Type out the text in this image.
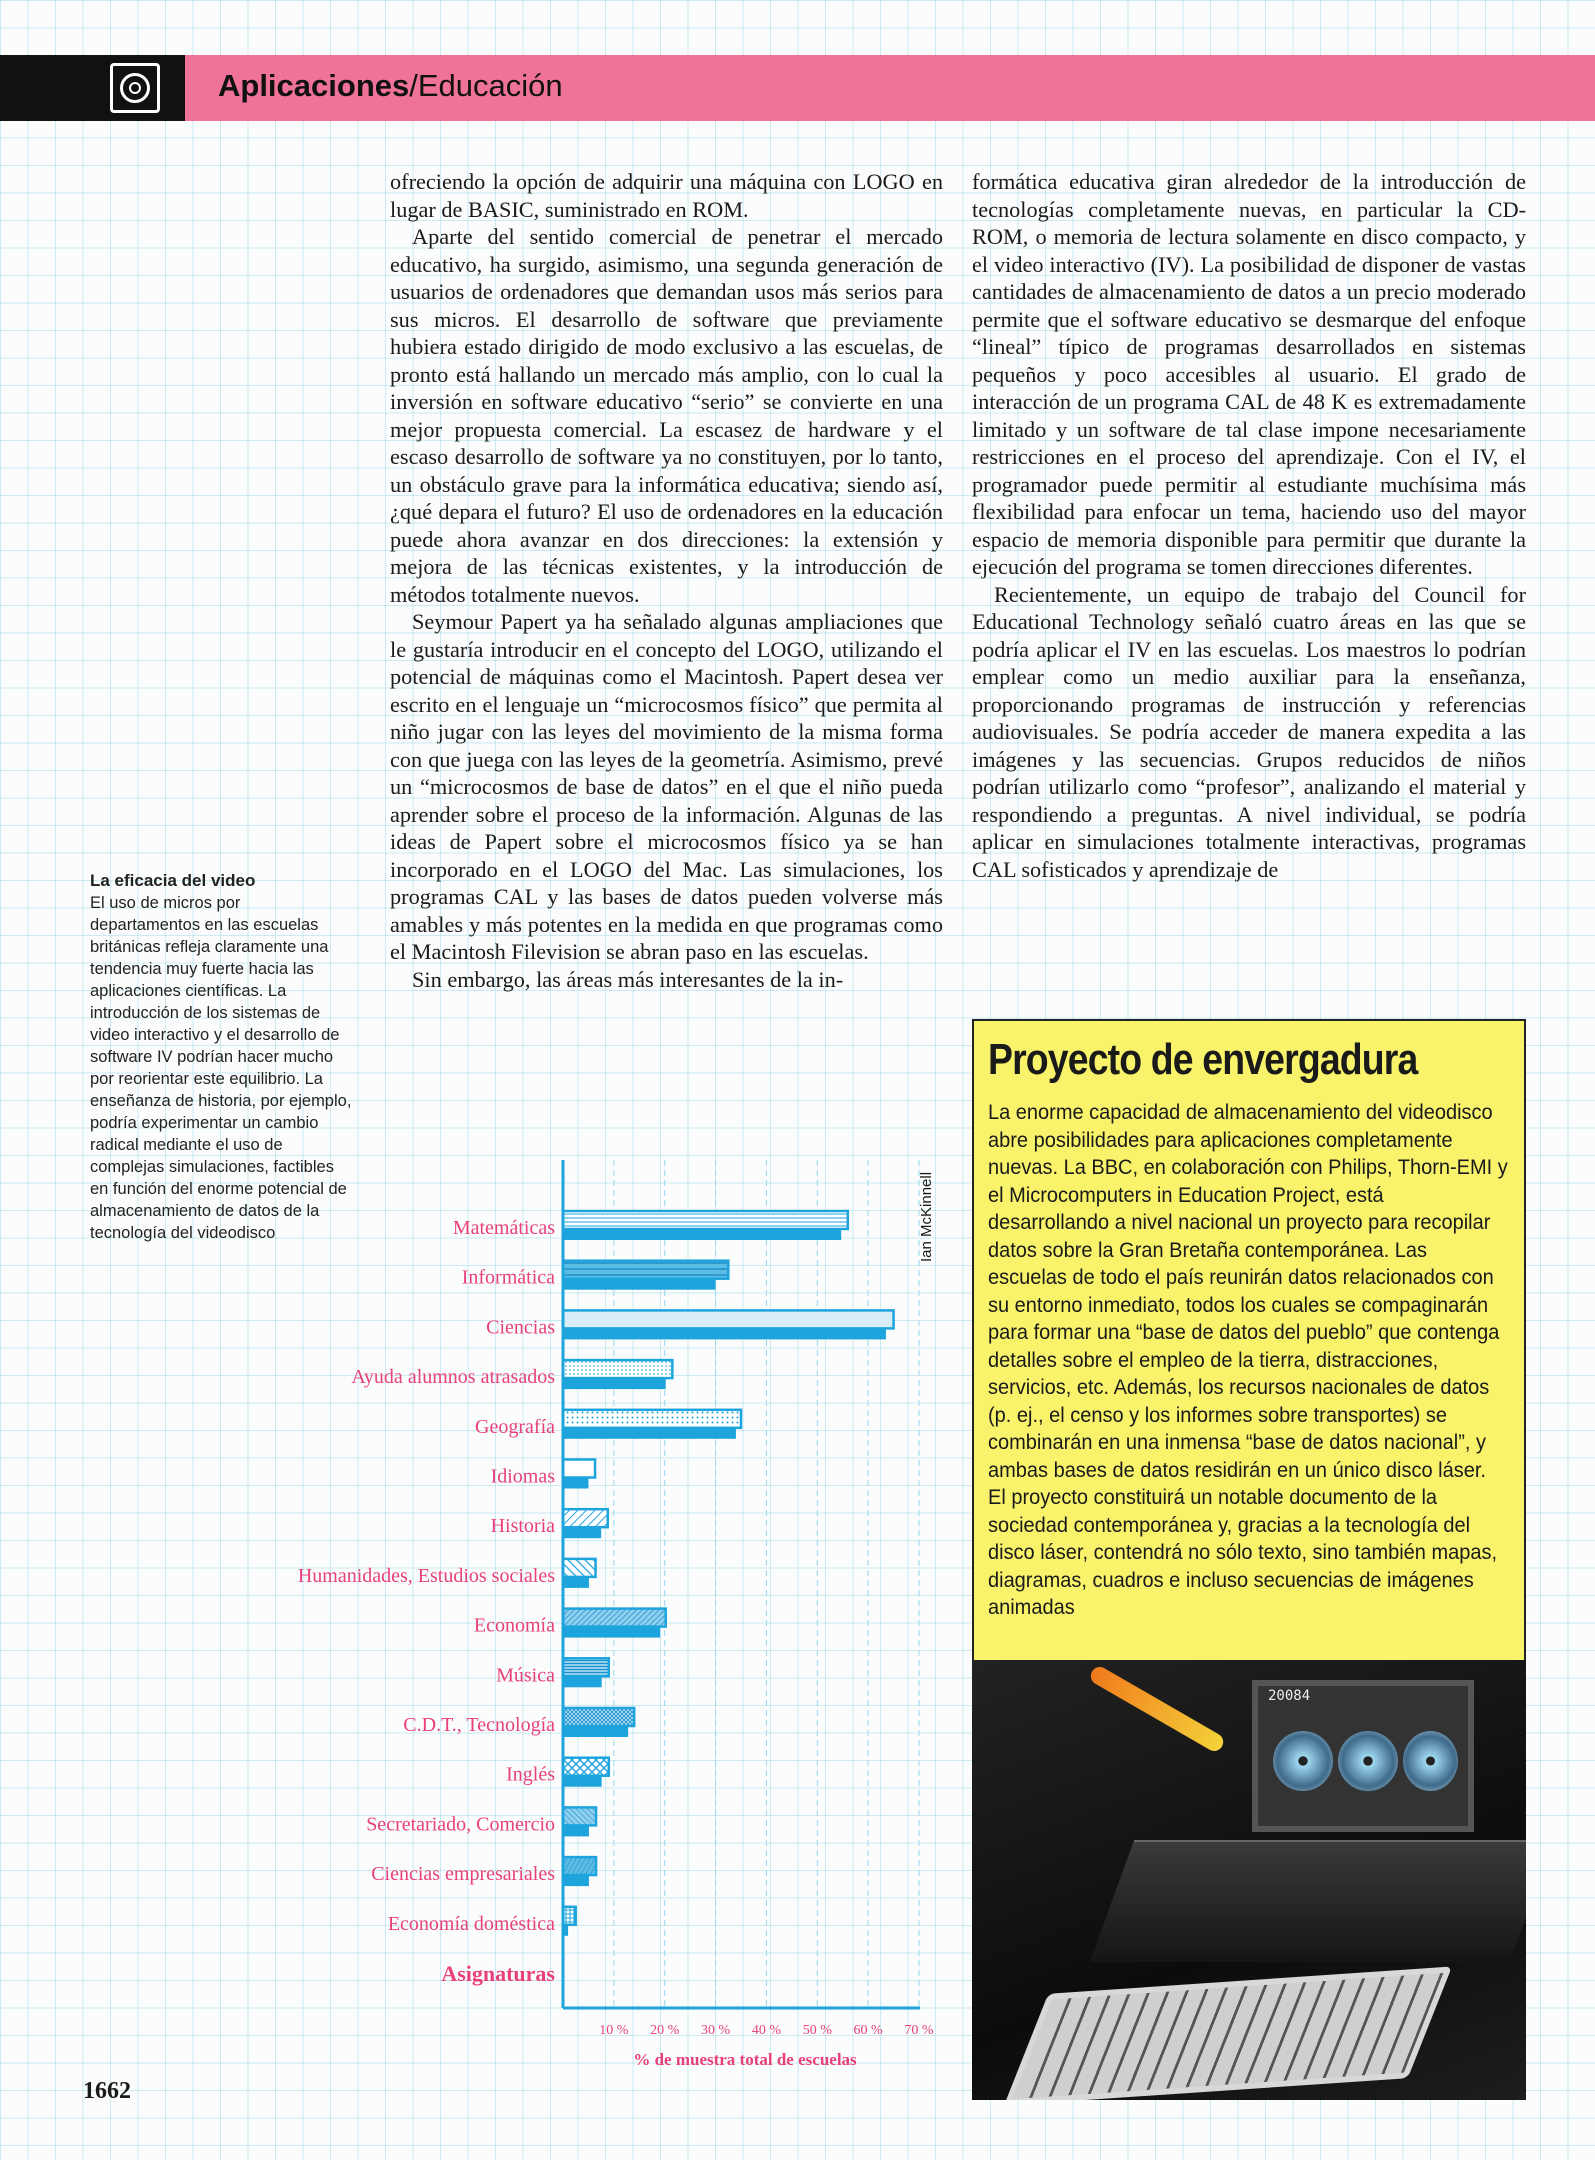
Aplicaciones/Educación

ofreciendo la opción de adquirir una máquina con LOGO en lugar de BASIC, suministrado en ROM.

Aparte del sentido comercial de penetrar el mercado educativo, ha surgido, asimismo, una segunda generación de usuarios de ordenadores que demandan usos más serios para sus micros. El desarrollo de software que previamente hubiera estado dirigido de modo exclusivo a las escuelas, de pronto está hallando un mercado más amplio, con lo cual la inversión en software educativo “serio” se convierte en una mejor propuesta comercial. La escasez de hardware y el escaso desarrollo de software ya no constituyen, por lo tanto, un obstáculo grave para la informática educativa; siendo así, ¿qué depara el futuro? El uso de ordenadores en la educación puede ahora avanzar en dos direcciones: la extensión y mejora de las técnicas existentes, y la introducción de métodos totalmente nuevos.

Seymour Papert ya ha señalado algunas ampliaciones que le gustaría introducir en el concepto del LOGO, utilizando el potencial de máquinas como el Macintosh. Papert desea ver escrito en el lenguaje un “microcosmos físico” que permita al niño jugar con las leyes del movimiento de la misma forma con que juega con las leyes de la geometría. Asimismo, prevé un “microcosmos de base de datos” en el que el niño pueda aprender sobre el proceso de la información. Algunas de las ideas de Papert sobre el microcosmos físico ya se han incorporado en el LOGO del Mac. Las simulaciones, los programas CAL y las bases de datos pueden volverse más amables y más potentes en la medida en que programas como el Macintosh Filevision se abran paso en las escuelas.

Sin embargo, las áreas más interesantes de la in-

formática educativa giran alrededor de la introducción de tecnologías completamente nuevas, en particular la CD-ROM, o memoria de lectura solamente en disco compacto, y el video interactivo (IV). La posibilidad de disponer de vastas cantidades de almacenamiento de datos a un precio moderado permite que el software educativo se desmarque del enfoque “lineal” típico de programas desarrollados en sistemas pequeños y poco accesibles al usuario. El grado de interacción de un programa CAL de 48 K es extremadamente limitado y un software de tal clase impone necesariamente restricciones en el proceso del aprendizaje. Con el IV, el programador puede permitir al estudiante muchísima más flexibilidad para enfocar un tema, haciendo uso del mayor espacio de memoria disponible para permitir que durante la ejecución del programa se tomen direcciones diferentes.

Recientemente, un equipo de trabajo del Council for Educational Technology señaló cuatro áreas en las que se podría aplicar el IV en las escuelas. Los maestros lo podrían emplear como un medio auxiliar para la enseñanza, proporcionando programas de instrucción y referencias audiovisuales. Se podría acceder de manera expedita a las imágenes y las secuencias. Grupos reducidos de niños podrían utilizarlo como “profesor”, analizando el material y respondiendo a preguntas. A nivel individual, se podría aplicar en simulaciones totalmente interactivas, programas CAL sofisticados y aprendizaje de

La eficacia del video
El uso de micros por departamentos en las escuelas británicas refleja claramente una tendencia muy fuerte hacia las aplicaciones científicas. La introducción de los sistemas de video interactivo y el desarrollo de software IV podrían hacer mucho por reorientar este equilibrio. La enseñanza de historia, por ejemplo, podría experimentar un cambio radical mediante el uso de complejas simulaciones, factibles en función del enorme potencial de almacenamiento de datos de la tecnología del videodisco
10 % 20 % 30 % 40 % 50 % 60 % 70 %
Matemáticas
Informática
Ciencias
Ayuda alumnos atrasados
Geografía
Idiomas
Historia
Humanidades, Estudios sociales
Economía
Música
C.D.T., Tecnología
Inglés
Secretariado, Comercio
Ciencias empresariales
Economía doméstica
Asignaturas
% de muestra total de escuelas
Ian McKinnell
Proyecto de envergadura
La enorme capacidad de almacenamiento del videodisco abre posibilidades para aplicaciones completamente nuevas. La BBC, en colaboración con Philips, Thorn-EMI y el Microcomputers in Education Project, está desarrollando a nivel nacional un proyecto para recopilar datos sobre la Gran Bretaña contemporánea. Las escuelas de todo el país reunirán datos relacionados con su entorno inmediato, todos los cuales se compaginarán para formar una “base de datos del pueblo” que contenga detalles sobre el empleo de la tierra, distracciones, servicios, etc. Además, los recursos nacionales de datos (p. ej., el censo y los informes sobre transportes) se combinarán en una inmensa “base de datos nacional”, y ambas bases de datos residirán en un único disco láser. El proyecto constituirá un notable documento de la sociedad contemporánea y, gracias a la tecnología del disco láser, contendrá no sólo texto, sino también mapas, diagramas, cuadros e incluso secuencias de imágenes animadas
20084
1662
